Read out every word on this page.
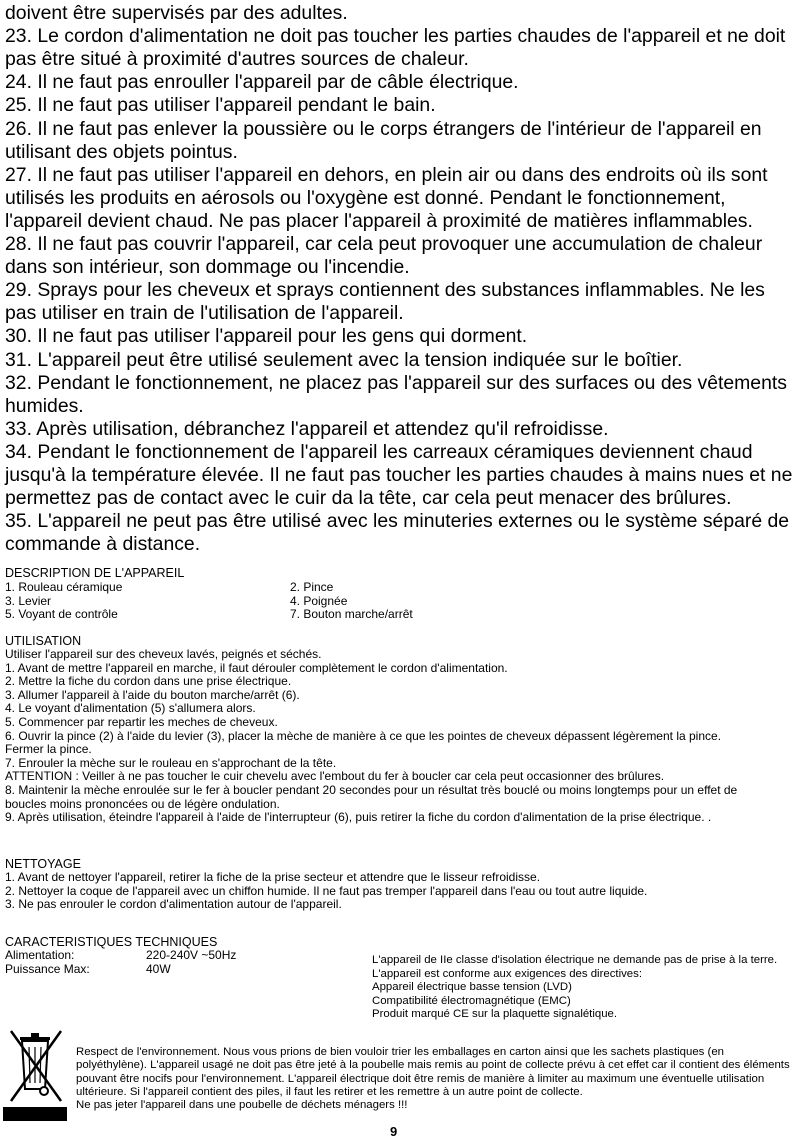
doivent être supervisés par des adultes.
23. Le cordon d'alimentation ne doit pas toucher les parties chaudes de l'appareil et ne doit
pas être situé à proximité d'autres sources de chaleur.
24. Il ne faut pas enrouller l'appareil par de câble électrique.
25. Il ne faut pas utiliser l'appareil pendant le bain.
26. Il ne faut pas enlever la poussière ou le corps étrangers de l'intérieur de l'appareil en
utilisant des objets pointus.
27. Il ne faut pas utiliser l'appareil en dehors, en plein air ou dans des endroits où ils sont
utilisés les produits en aérosols ou l'oxygène est donné. Pendant le fonctionnement,
l'appareil devient chaud. Ne pas placer l'appareil à proximité de matières inflammables.
28. Il ne faut pas couvrir l'appareil, car cela peut provoquer une accumulation de chaleur
dans son intérieur, son dommage ou l'incendie.
29. Sprays pour les cheveux et sprays contiennent des substances inflammables. Ne les
pas utiliser en train de l'utilisation de l'appareil.
30. Il ne faut pas utiliser l'appareil pour les gens qui dorment.
31. L'appareil peut être utilisé seulement avec la tension indiquée sur le boîtier.
32. Pendant le fonctionnement, ne placez pas l'appareil sur des surfaces ou des vêtements
humides.
33. Après utilisation, débranchez l'appareil et attendez qu'il refroidisse.
34. Pendant le fonctionnement de l'appareil les carreaux céramiques deviennent chaud
jusqu'à la température élevée. Il ne faut pas toucher les parties chaudes à mains nues et ne
permettez pas de contact avec le cuir da la tête, car cela peut menacer des brûlures.
35. L'appareil ne peut pas être utilisé avec les minuteries externes ou le système séparé de
commande à distance.
DESCRIPTION DE L'APPAREIL
1. Rouleau céramique
3. Levier
5. Voyant de contrôle
2. Pince
4. Poignée
7. Bouton marche/arrêt
UTILISATION
Utiliser l'appareil sur des cheveux lavés, peignés et séchés.
1. Avant de mettre l'appareil en marche, il faut dérouler complètement le cordon d'alimentation.
2. Mettre la fiche du cordon dans une prise électrique.
3. Allumer l'appareil à l'aide du bouton marche/arrêt (6).
4. Le voyant d'alimentation (5) s'allumera alors.
5. Commencer par repartir les meches de cheveux.
6. Ouvrir la pince (2) à l'aide du levier (3), placer la mèche de manière à ce que les pointes de cheveux dépassent légèrement la pince.
Fermer la pince.
7. Enrouler la mèche sur le rouleau en s'approchant de la tête.
ATTENTION : Veiller à ne pas toucher le cuir chevelu avec l'embout du fer à boucler car cela peut occasionner des brûlures.
8. Maintenir la mèche enroulée sur le fer à boucler pendant 20 secondes pour un résultat très bouclé ou moins longtemps pour un effet de
boucles moins prononcées ou de légère ondulation.
9. Après utilisation, éteindre l'appareil à l'aide de l'interrupteur (6), puis retirer la fiche du cordon d'alimentation de la prise électrique. .
NETTOYAGE
1. Avant de nettoyer l'appareil, retirer la fiche de la prise secteur et attendre que le lisseur refroidisse.
2. Nettoyer la coque de l'appareil avec un chiffon humide. Il ne faut pas tremper l'appareil dans l'eau ou tout autre liquide.
3. Ne pas enrouler le cordon d'alimentation autour de l'appareil.
CARACTERISTIQUES TECHNIQUES
Alimentation:	220-240V ~50Hz
Puissance Max:	40W
L'appareil de IIe classe d'isolation électrique ne demande pas de prise à la terre.
L'appareil est conforme aux exigences des directives:
Appareil électrique basse tension (LVD)
Compatibilité électromagnétique (EMC)
Produit marqué CE sur la plaquette signalétique.
Respect de l'environnement. Nous vous prions de bien vouloir trier les emballages en carton ainsi que les sachets plastiques (en
polyéthylène). L'appareil usagé ne doit pas être jeté à la poubelle mais remis au point de collecte prévu à cet effet car il contient des éléments
pouvant être nocifs pour l'environnement. L'appareil électrique doit être remis de manière à limiter au maximum une éventuelle utilisation
ultérieure. Si l'appareil contient des piles, il faut les retirer et les remettre à un autre point de collecte.
Ne pas jeter l'appareil dans une poubelle de déchets ménagers !!!
9
